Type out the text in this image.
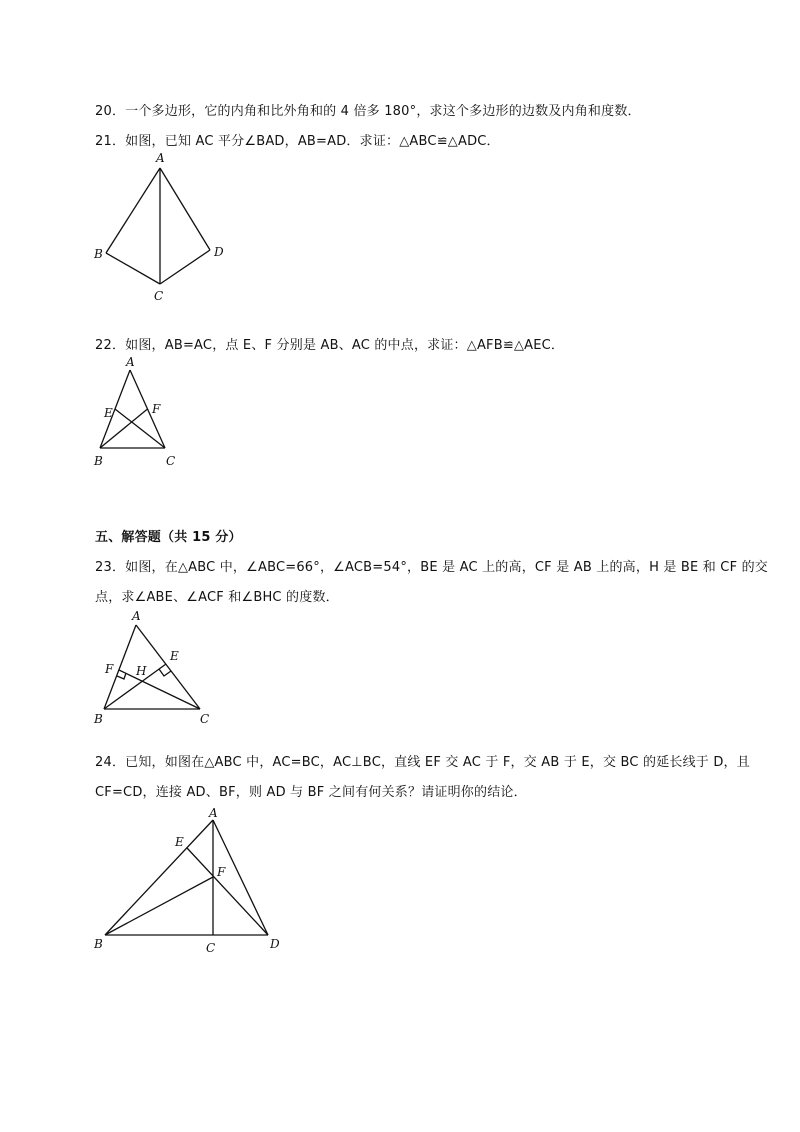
20．一个多边形，它的内角和比外角和的 4 倍多 180°，求这个多边形的边数及内角和度数．
21．如图，已知 AC 平分∠BAD，AB=AD．求证：△ABC≌△ADC．
A
B
C
D
22．如图，AB=AC，点 E、F 分别是 AB、AC 的中点，求证：△AFB≌△AEC．
A
B	C
E	F
五、解答题（共 15 分）
23．如图，在△ABC 中，∠ABC=66°，∠ACB=54°，BE 是 AC 上的高，CF 是 AB 上的高，H 是 BE 和 CF 的交
点，求∠ABE、∠ACF 和∠BHC 的度数．
A
B	C
E
F H
24．已知，如图在△ABC 中，AC=BC，AC⊥BC，直线 EF 交 AC 于 F，交 AB 于 E，交 BC 的延长线于 D，且
CF=CD，连接 AD、BF，则 AD 与 BF 之间有何关系？请证明你的结论．
A
B	C	D
E
F
